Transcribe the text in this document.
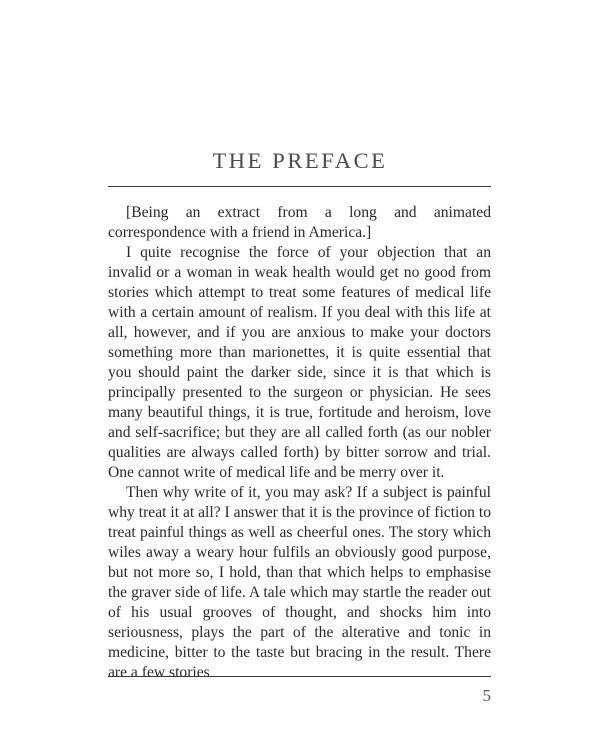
THE PREFACE

[Being an extract from a long and animated correspondence with a friend in America.]

I quite recognise the force of your objection that an invalid or a woman in weak health would get no good from stories which attempt to treat some features of medical life with a certain amount of realism. If you deal with this life at all, however, and if you are anxious to make your doctors something more than marionettes, it is quite essential that you should paint the darker side, since it is that which is principally presented to the surgeon or physician. He sees many beautiful things, it is true, fortitude and heroism, love and self-sacrifice; but they are all called forth (as our nobler qualities are always called forth) by bitter sorrow and trial. One cannot write of medical life and be merry over it.

Then why write of it, you may ask? If a subject is painful why treat it at all? I answer that it is the province of fiction to treat painful things as well as cheerful ones. The story which wiles away a weary hour fulfils an obviously good purpose, but not more so, I hold, than that which helps to emphasise the graver side of life. A tale which may startle the reader out of his usual grooves of thought, and shocks him into seriousness, plays the part of the alterative and tonic in medicine, bitter to the taste but bracing in the result. There are a few stories

5
